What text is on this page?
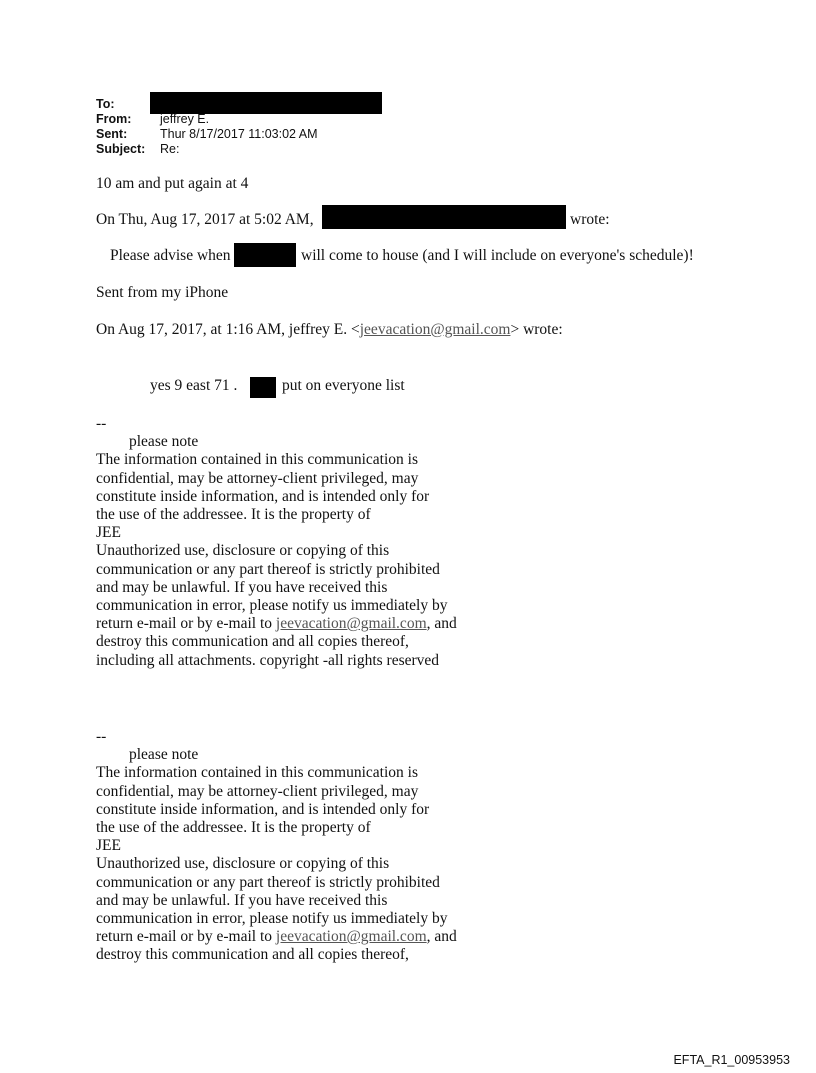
To:
From: jeffrey E.
Sent:	Thur 8/17/2017 11:03:02 AM
Subject: Re:
10 am and put again at 4
On Thu, Aug 17, 2017 at 5:02 AM,	wrote:
Please advise when	will come to house (and I will include on everyone's schedule)!
Sent from my iPhone
On Aug 17, 2017, at 1:16 AM, jeffrey E. <jeevacation@gmail.com> wrote:
yes 9 east 71 .	put on everyone list
--
please note
The information contained in this communication is
confidential, may be attorney-client privileged, may
constitute inside information, and is intended only for
the use of the addressee. It is the property of
JEE
Unauthorized use, disclosure or copying of this
communication or any part thereof is strictly prohibited
and may be unlawful. If you have received this
communication in error, please notify us immediately by
return e-mail or by e-mail to jeevacation@gmail.com, and
destroy this communication and all copies thereof,
including all attachments. copyright -all rights reserved
--
please note
The information contained in this communication is
confidential, may be attorney-client privileged, may
constitute inside information, and is intended only for
the use of the addressee. It is the property of
JEE
Unauthorized use, disclosure or copying of this
communication or any part thereof is strictly prohibited
and may be unlawful. If you have received this
communication in error, please notify us immediately by
return e-mail or by e-mail to jeevacation@gmail.com, and
destroy this communication and all copies thereof,
EFTA_R1_00953953
